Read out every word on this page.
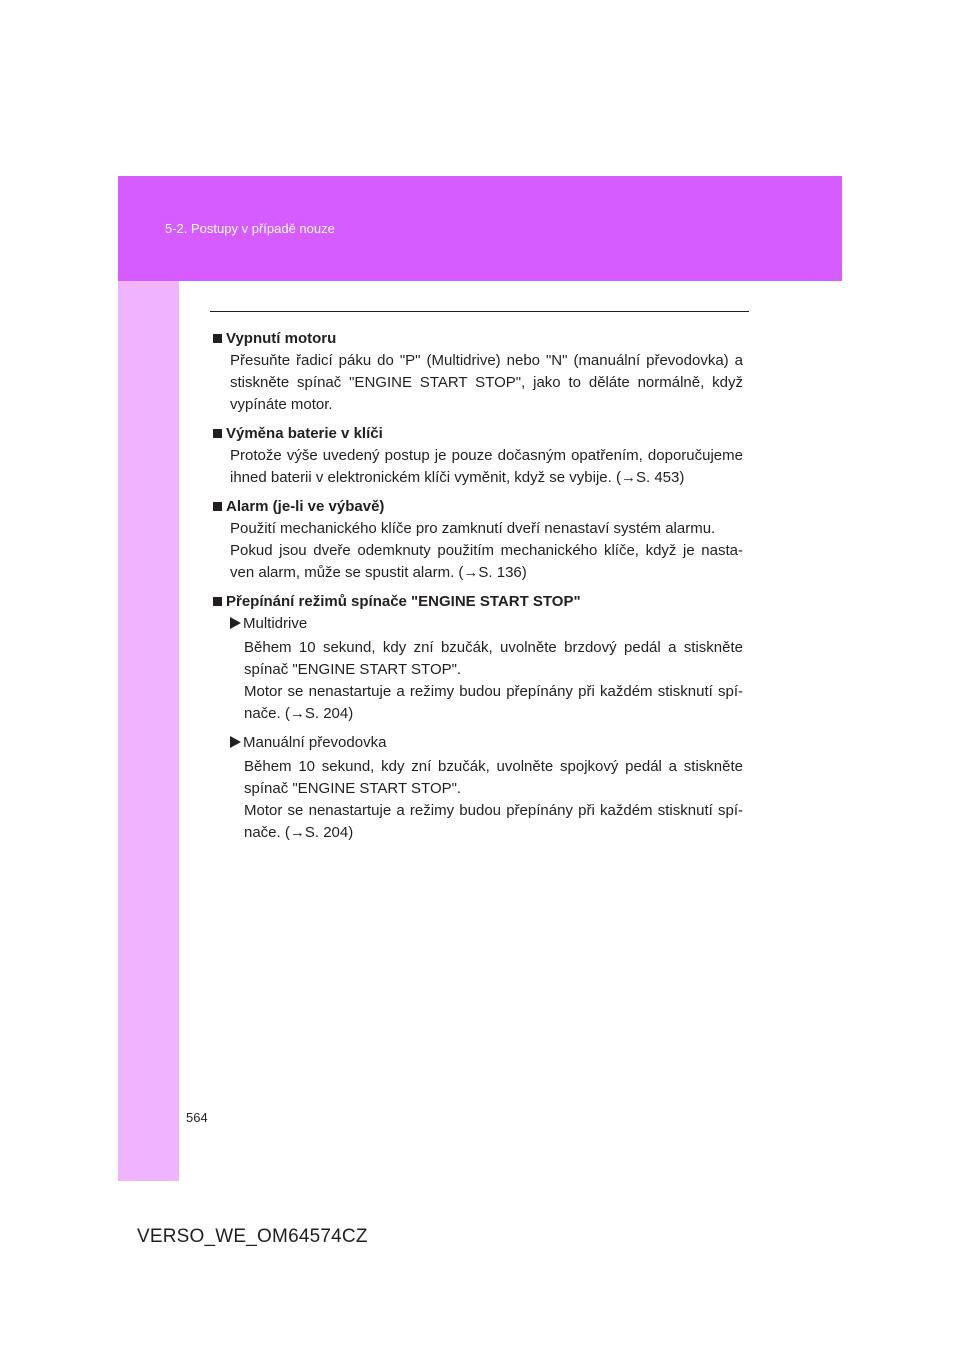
5-2. Postupy v případě nouze

Vypnutí motoru

Přesuňte řadicí páku do "P" (Multidrive) nebo "N" (manuální převodovka) a stiskněte spínač "ENGINE START STOP", jako to děláte normálně, když vypínáte motor.

Výměna baterie v klíči

Protože výše uvedený postup je pouze dočasným opatřením, doporučujeme ihned baterii v elektronickém klíči vyměnit, když se vybije. (→S. 453)

Alarm (je-li ve výbavě)

Použití mechanického klíče pro zamknutí dveří nenastaví systém alarmu.

Pokud jsou dveře odemknuty použitím mechanického klíče, když je nasta-ven alarm, může se spustit alarm. (→S. 136)

Přepínání režimů spínače "ENGINE START STOP"

Multidrive

Během 10 sekund, kdy zní bzučák, uvolněte brzdový pedál a stiskněte spínač "ENGINE START STOP".

Motor se nenastartuje a režimy budou přepínány při každém stisknutí spí-nače. (→S. 204)

Manuální převodovka

Během 10 sekund, kdy zní bzučák, uvolněte spojkový pedál a stiskněte spínač "ENGINE START STOP".

Motor se nenastartuje a režimy budou přepínány při každém stisknutí spí-nače. (→S. 204)

564
VERSO_WE_OM64574CZ
